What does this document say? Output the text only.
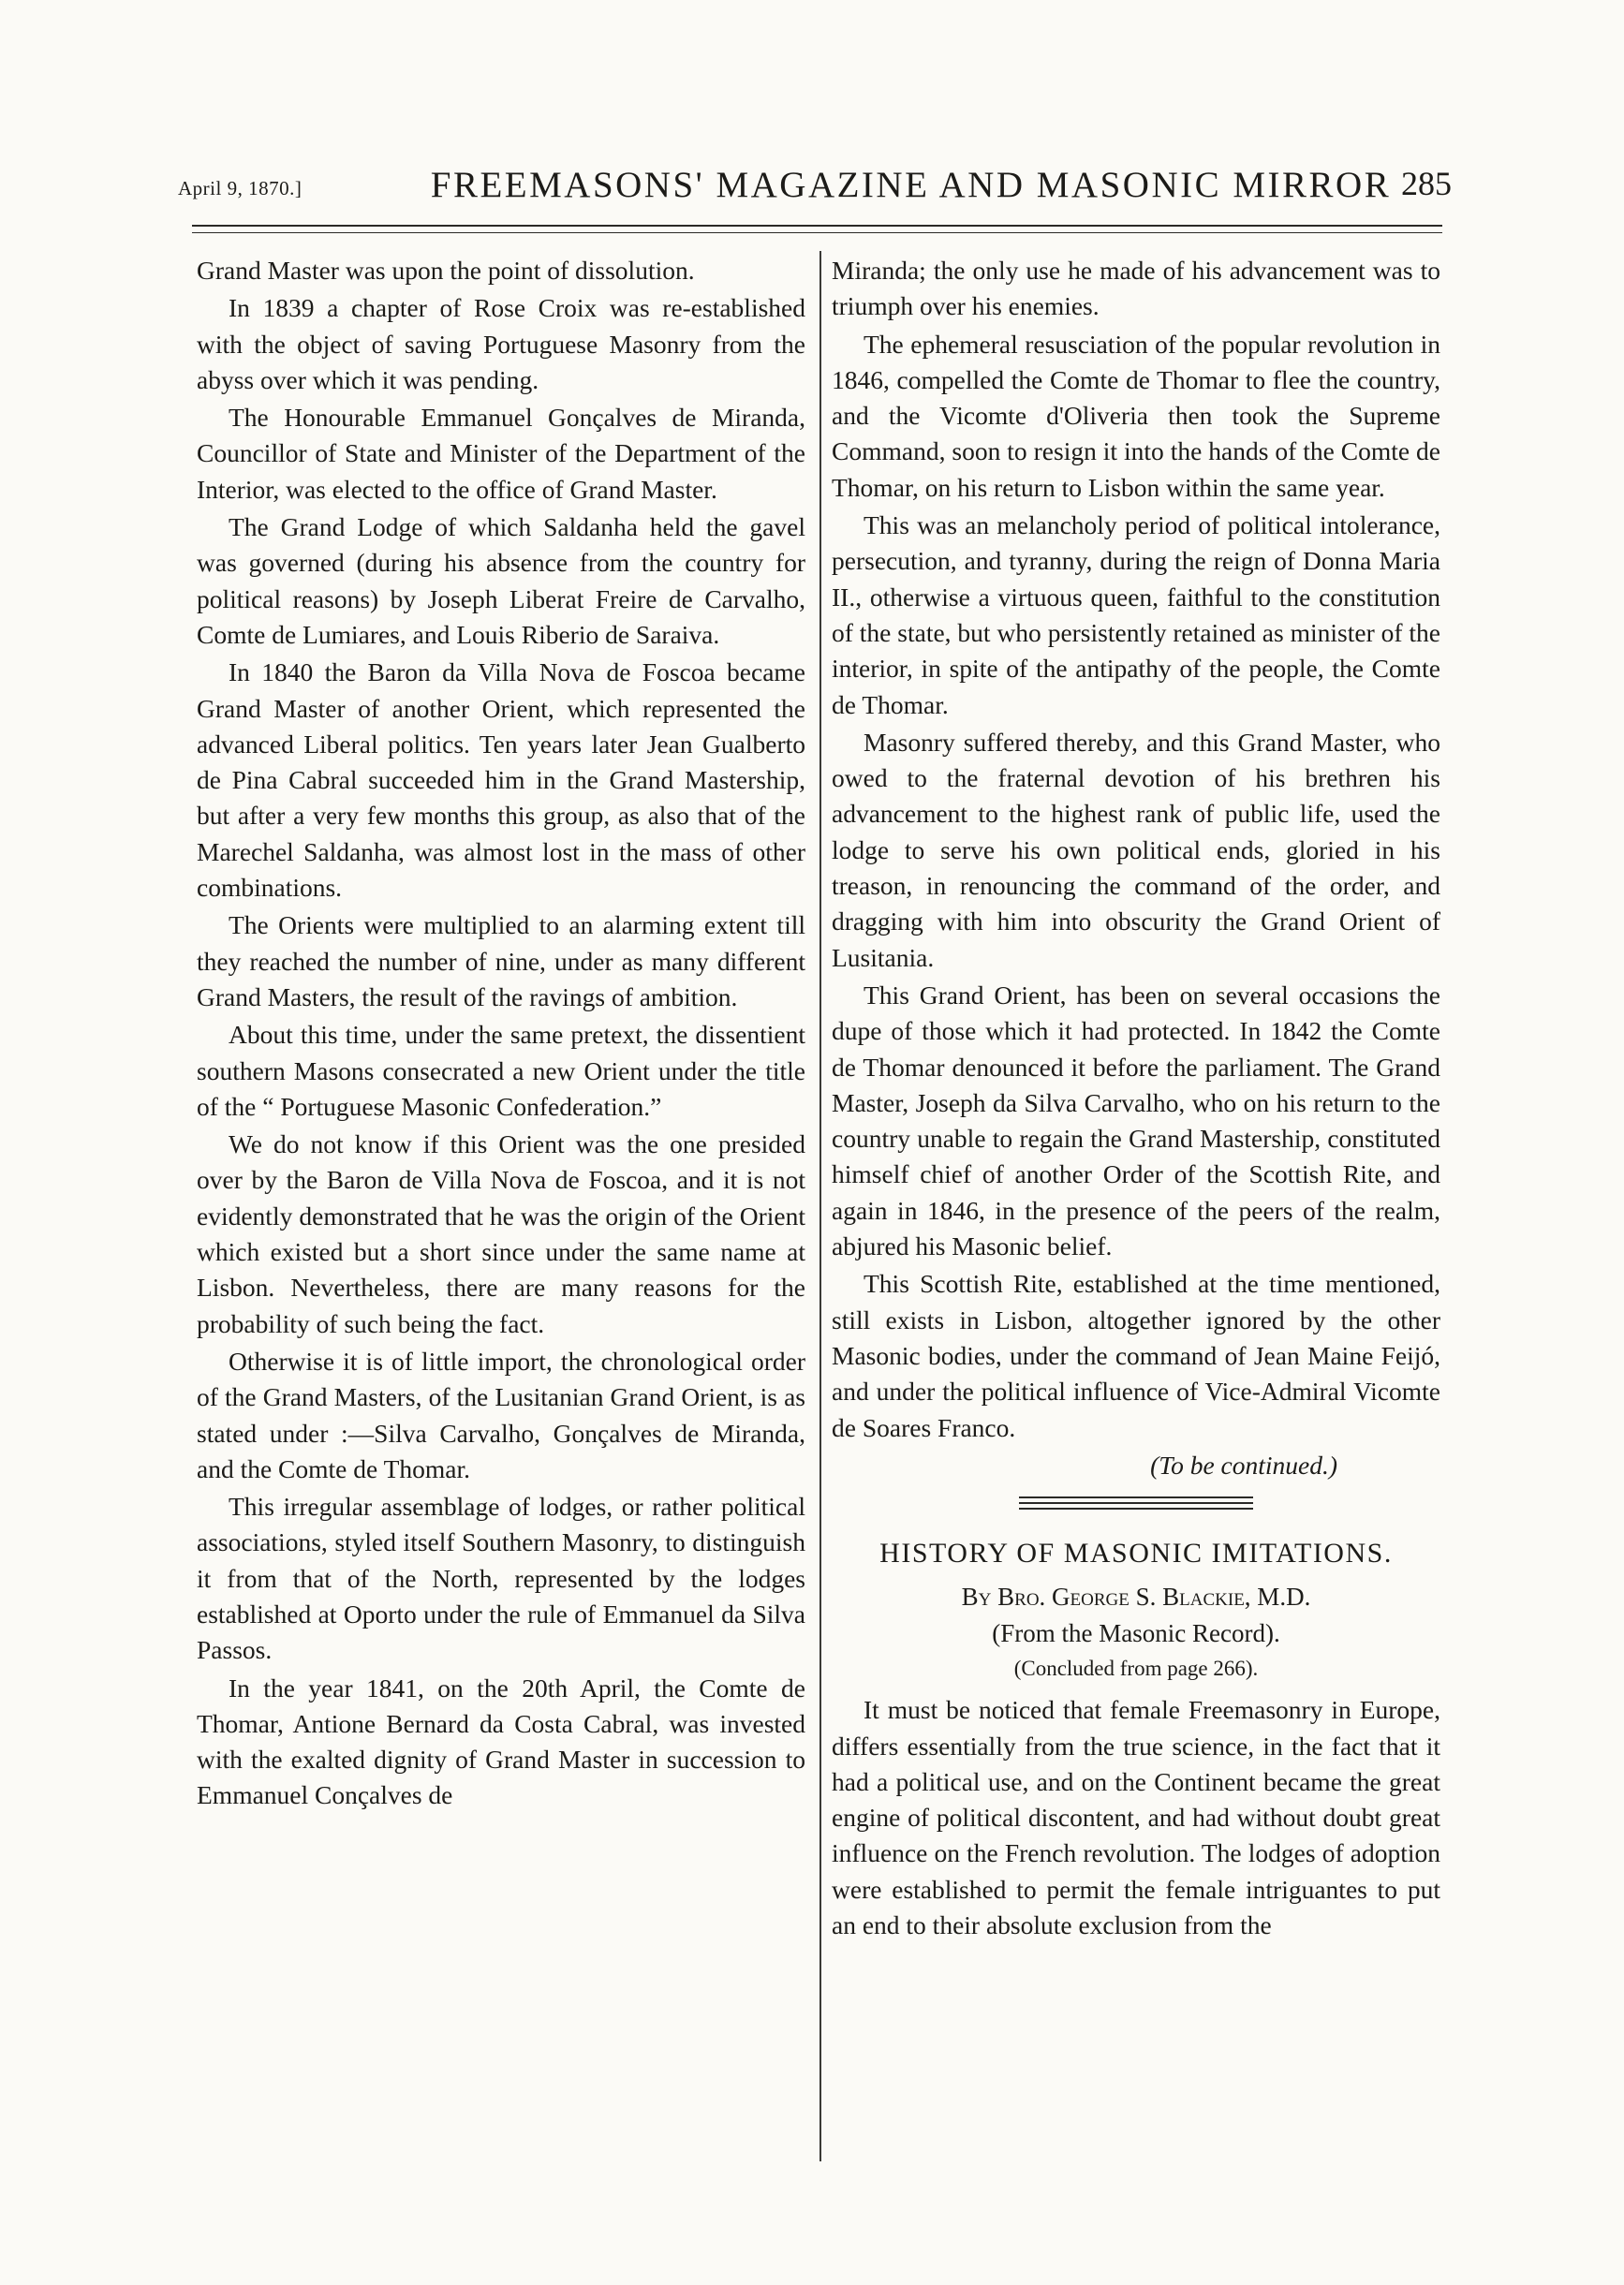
April 9, 1870.]	FREEMASONS' MAGAZINE AND MASONIC MIRROR 285

Grand Master was upon the point of dissolution.

In 1839 a chapter of Rose Croix was re-established with the object of saving Portuguese Masonry from the abyss over which it was pending.

The Honourable Emmanuel Gonçalves de Miranda, Councillor of State and Minister of the Department of the Interior, was elected to the office of Grand Master.

The Grand Lodge of which Saldanha held the gavel was governed (during his absence from the country for political reasons) by Joseph Liberat Freire de Carvalho, Comte de Lumiares, and Louis Riberio de Saraiva.

In 1840 the Baron da Villa Nova de Foscoa became Grand Master of another Orient, which represented the advanced Liberal politics. Ten years later Jean Gualberto de Pina Cabral succeeded him in the Grand Mastership, but after a very few months this group, as also that of the Marechel Saldanha, was almost lost in the mass of other combinations.

The Orients were multiplied to an alarming extent till they reached the number of nine, under as many different Grand Masters, the result of the ravings of ambition.

About this time, under the same pretext, the dissentient southern Masons consecrated a new Orient under the title of the “ Portuguese Masonic Confederation.”

We do not know if this Orient was the one presided over by the Baron de Villa Nova de Foscoa, and it is not evidently demonstrated that he was the origin of the Orient which existed but a short since under the same name at Lisbon. Nevertheless, there are many reasons for the probability of such being the fact.

Otherwise it is of little import, the chronological order of the Grand Masters, of the Lusitanian Grand Orient, is as stated under :—Silva Carvalho, Gonçalves de Miranda, and the Comte de Thomar.

This irregular assemblage of lodges, or rather political associations, styled itself Southern Masonry, to distinguish it from that of the North, represented by the lodges established at Oporto under the rule of Emmanuel da Silva Passos.

In the year 1841, on the 20th April, the Comte de Thomar, Antione Bernard da Costa Cabral, was invested with the exalted dignity of Grand Master in succession to Emmanuel Conçalves de

Miranda; the only use he made of his advancement was to triumph over his enemies.

The ephemeral resusciation of the popular revolution in 1846, compelled the Comte de Thomar to flee the country, and the Vicomte d'Oliveria then took the Supreme Command, soon to resign it into the hands of the Comte de Thomar, on his return to Lisbon within the same year.

This was an melancholy period of political intolerance, persecution, and tyranny, during the reign of Donna Maria II., otherwise a virtuous queen, faithful to the constitution of the state, but who persistently retained as minister of the interior, in spite of the antipathy of the people, the Comte de Thomar.

Masonry suffered thereby, and this Grand Master, who owed to the fraternal devotion of his brethren his advancement to the highest rank of public life, used the lodge to serve his own political ends, gloried in his treason, in renouncing the command of the order, and dragging with him into obscurity the Grand Orient of Lusitania.

This Grand Orient, has been on several occasions the dupe of those which it had protected. In 1842 the Comte de Thomar denounced it before the parliament. The Grand Master, Joseph da Silva Carvalho, who on his return to the country unable to regain the Grand Mastership, constituted himself chief of another Order of the Scottish Rite, and again in 1846, in the presence of the peers of the realm, abjured his Masonic belief.

This Scottish Rite, established at the time mentioned, still exists in Lisbon, altogether ignored by the other Masonic bodies, under the command of Jean Maine Feijó, and under the political influence of Vice-Admiral Vicomte de Soares Franco.

(To be continued.)
HISTORY OF MASONIC IMITATIONS.
By Bro. George S. Blackie, M.D.
(From the Masonic Record).
(Concluded from page 266).

It must be noticed that female Freemasonry in Europe, differs essentially from the true science, in the fact that it had a political use, and on the Continent became the great engine of political discontent, and had without doubt great influence on the French revolution. The lodges of adoption were established to permit the female intriguantes to put an end to their absolute exclusion from the
